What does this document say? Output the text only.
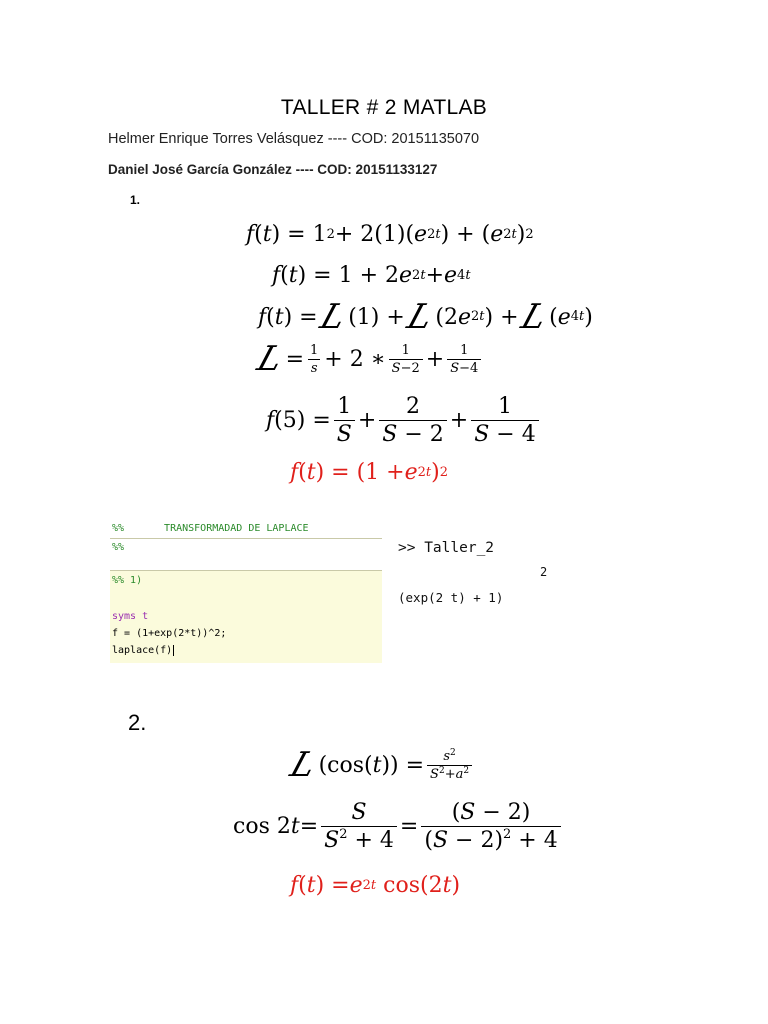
TALLER # 2 MATLAB
Helmer Enrique Torres Velásquez ---- COD: 20151135070
Daniel José García González ---- COD: 20151133127
1.
f ( t ) = 1 2 + 2(1)( e 2t ) + ( e 2t ) 2
f ( t ) = 1 + 2 e 2t + e 4t
f ( t ) =
L
(1) +
L
(2 e 2t ) +
L
( e 4t )
L
= $\frac{1}{s} + 2$ ∗ $\frac{1}{S-2} + \frac{1}{S-4}$
f $(5) = \frac{1}{S} + \frac{2}{S - 2} + \frac{1}{S - 4}$
f ( t ) = (1 + e 2t ) 2
%%	TRANSFORMADAD DE LAPLACE
%%
%% 1)
syms t
f = (1+exp(2*t))^2;
laplace(f)
>> Taller_2
2
(exp(2 t) + 1)
2.
L
(cos( t )) = $\frac{s^2}{S^2+a^2}$
cos 2 $t = \frac{S}{S^2 + 4} = \frac{(S - 2)}{(S - 2)^2 + 4}$
f ( t ) = e 2t cos(2 t )
